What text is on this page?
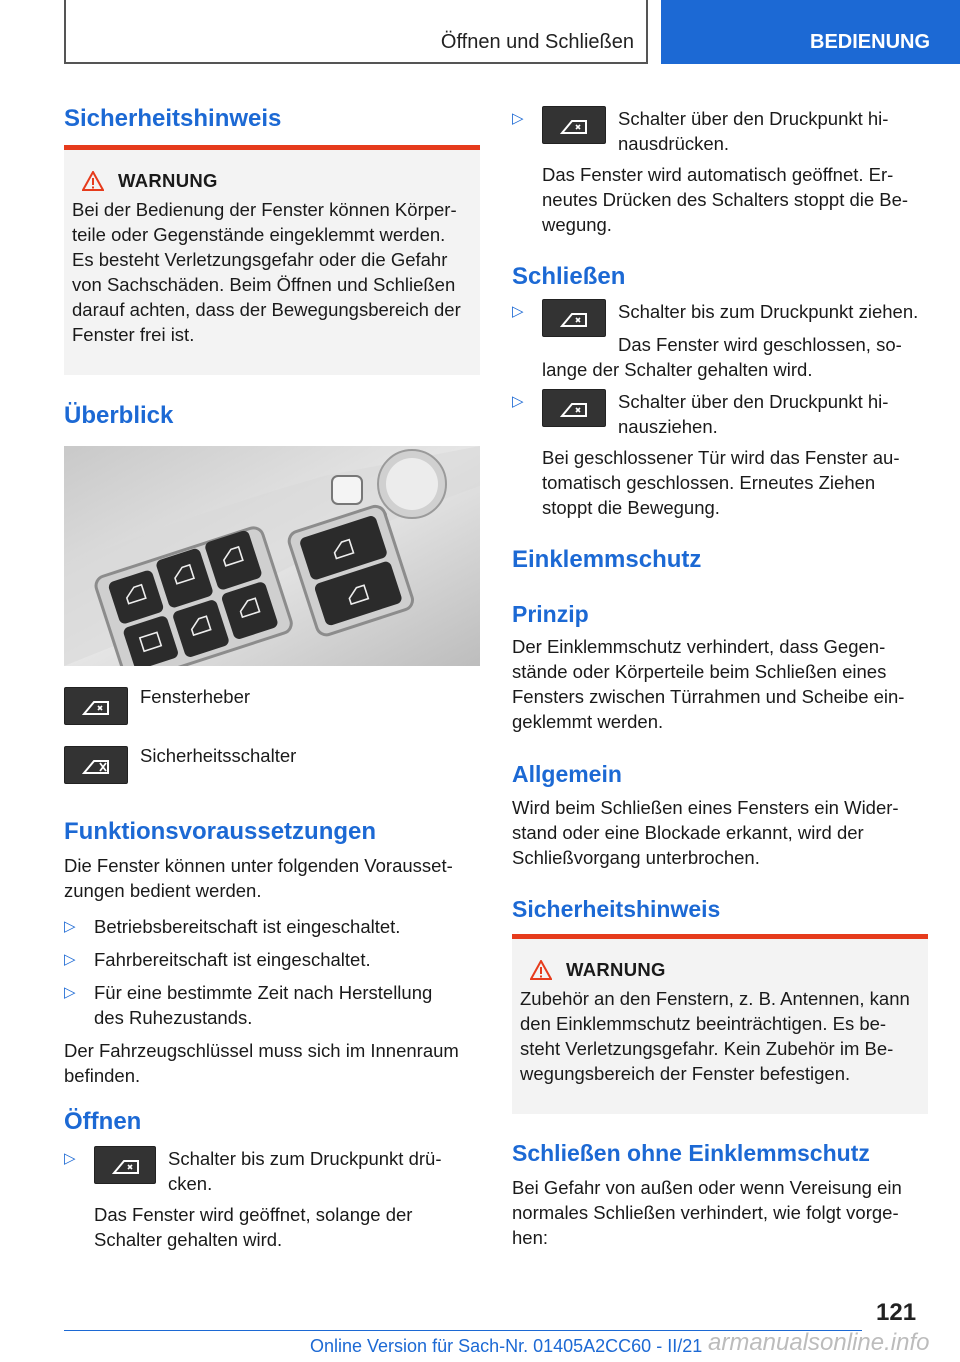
Öffnen und Schließen	BEDIENUNG
Sicherheitshinweis
WARNUNG

Bei der Bedienung der Fenster können Körper-

teile oder Gegenstände eingeklemmt werden.

Es besteht Verletzungsgefahr oder die Gefahr

von Sachschäden. Beim Öffnen und Schließen

darauf achten, dass der Bewegungsbereich der

Fenster frei ist.

Überblick
Fensterheber
Sicherheitsschalter
Funktionsvoraussetzungen

Die Fenster können unter folgenden Vorausset-

zungen bedient werden.

▷ Betriebsbereitschaft ist eingeschaltet.

▷ Fahrbereitschaft ist eingeschaltet.

▷ Für eine bestimmte Zeit nach Herstellung

des Ruhezustands.

Der Fahrzeugschlüssel muss sich im Innenraum

befinden.

Öffnen
▷	Schalter bis zum Druckpunkt drü-

cken.

Das Fenster wird geöffnet, solange der

Schalter gehalten wird.

▷	Schalter über den Druckpunkt hi-

nausdrücken.

Das Fenster wird automatisch geöffnet. Er-

neutes Drücken des Schalters stoppt die Be-

wegung.

Schließen
▷	Schalter bis zum Druckpunkt ziehen.

Das Fenster wird geschlossen, so-

lange der Schalter gehalten wird.

▷	Schalter über den Druckpunkt hi-

nausziehen.

Bei geschlossener Tür wird das Fenster au-

tomatisch geschlossen. Erneutes Ziehen

stoppt die Bewegung.

Einklemmschutz
Prinzip

Der Einklemmschutz verhindert, dass Gegen-

stände oder Körperteile beim Schließen eines

Fensters zwischen Türrahmen und Scheibe ein-

geklemmt werden.

Allgemein

Wird beim Schließen eines Fensters ein Wider-

stand oder eine Blockade erkannt, wird der

Schließvorgang unterbrochen.

Sicherheitshinweis
WARNUNG

Zubehör an den Fenstern, z. B. Antennen, kann

den Einklemmschutz beeinträchtigen. Es be-

steht Verletzungsgefahr. Kein Zubehör im Be-

wegungsbereich der Fenster befestigen.

Schließen ohne Einklemmschutz

Bei Gefahr von außen oder wenn Vereisung ein

normales Schließen verhindert, wie folgt vorge-

hen:

121
Online Version für Sach-Nr. 01405A2CC60 - II/21 armanualsonline.info
